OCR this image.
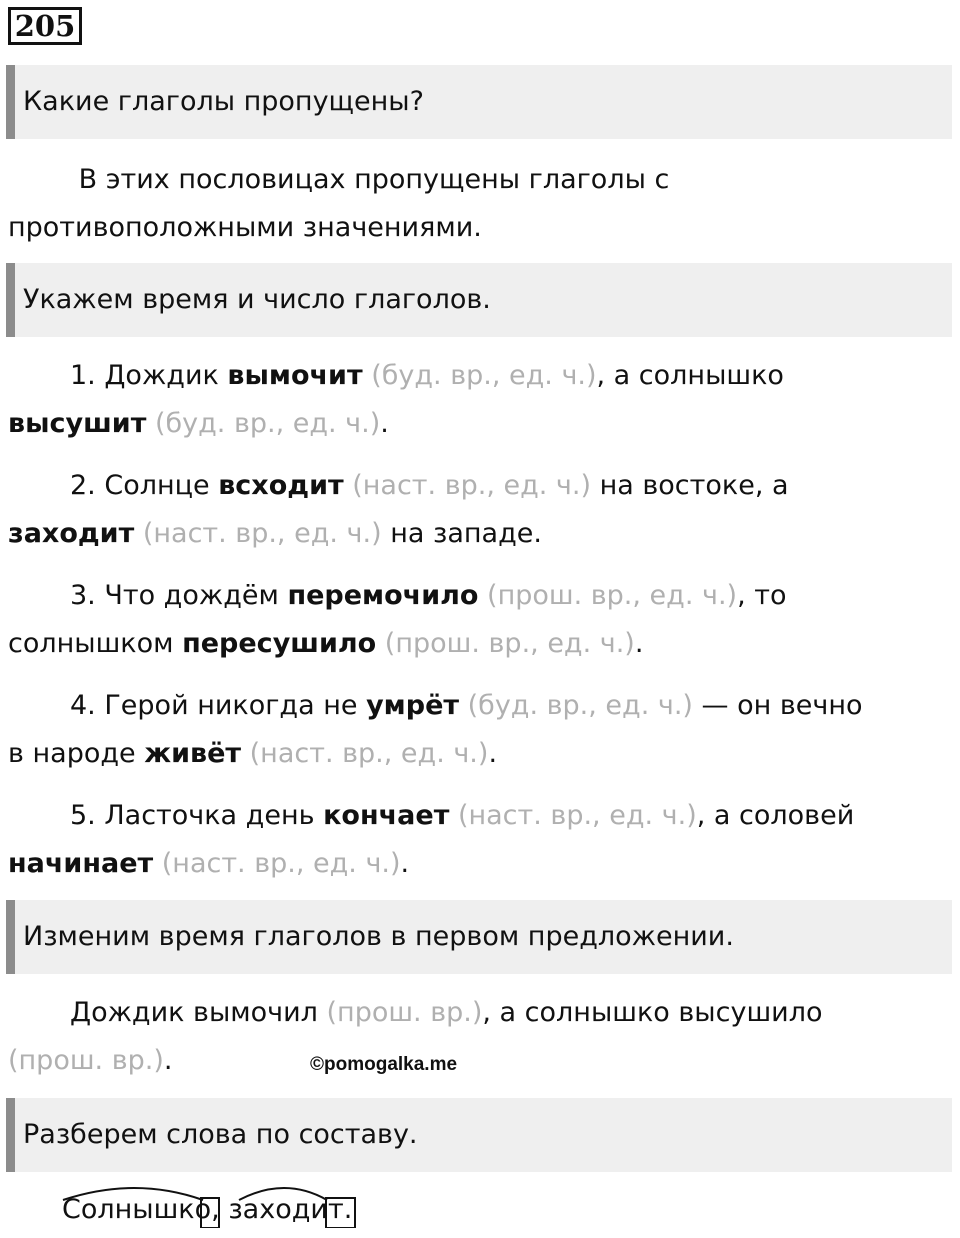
205
Какие глаголы пропущены?
В этих пословицах пропущены глаголы с
противоположными значениями.
Укажем время и число глаголов.
1. Дождик вымочит (буд. вр., ед. ч.), а солнышко
высушит (буд. вр., ед. ч.).
2. Солнце всходит (наст. вр., ед. ч.) на востоке, а
заходит (наст. вр., ед. ч.) на западе.
3. Что дождём перемочило (прош. вр., ед. ч.), то
солнышком пересушило (прош. вр., ед. ч.).
4. Герой никогда не умрёт (буд. вр., ед. ч.) — он вечно
в народе живёт (наст. вр., ед. ч.).
5. Ласточка день кончает (наст. вр., ед. ч.), а соловей
начинает (наст. вр., ед. ч.).
Изменим время глаголов в первом предложении.
Дождик вымочил (прош. вр.), а солнышко высушило
(прош. вр.).	©pomogalka.me
Разберем слова по составу.
Солнышко, заходит.
